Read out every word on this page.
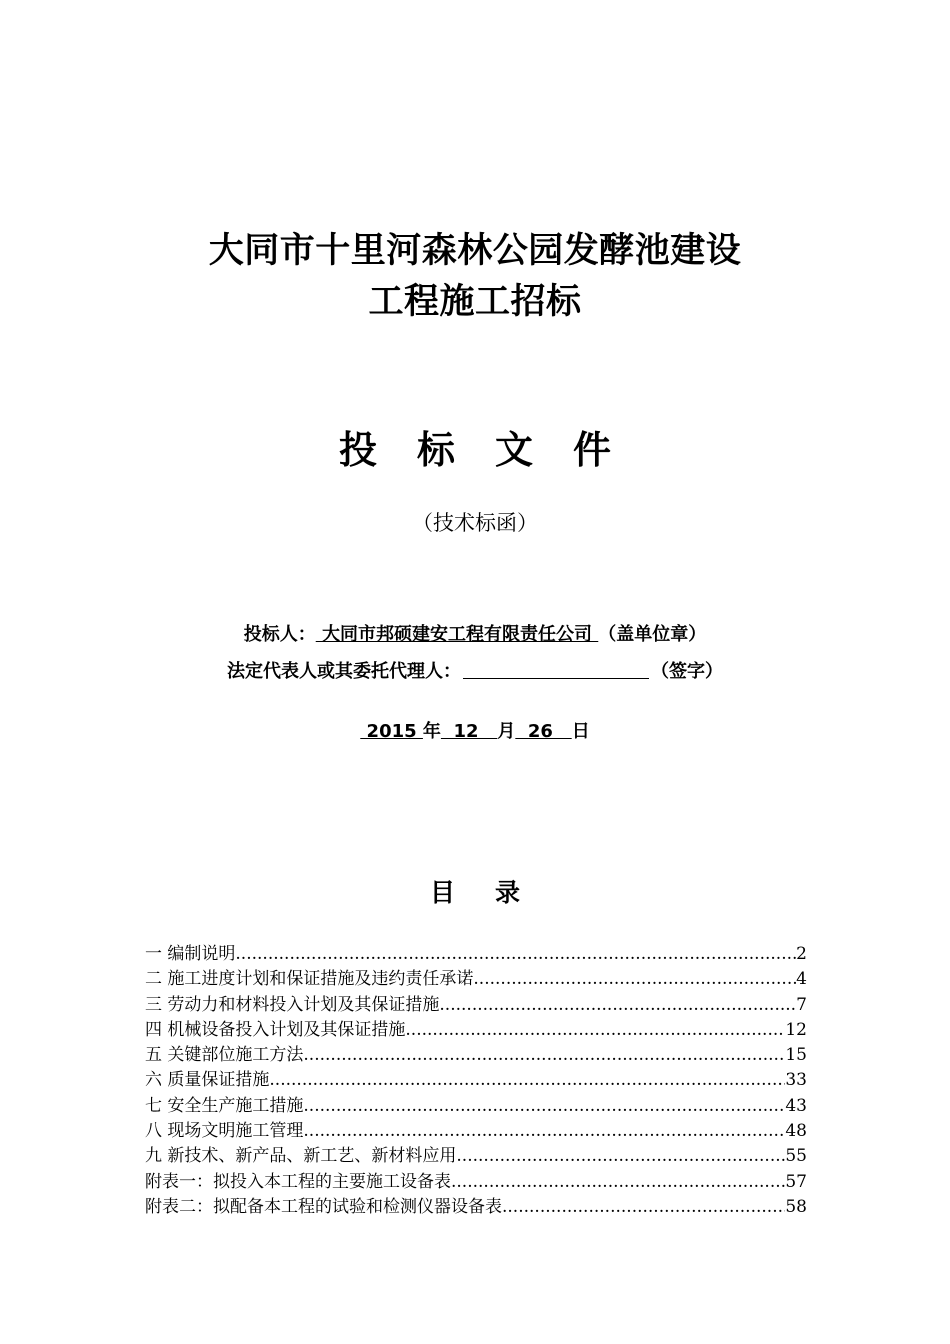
大同市十里河森林公园发酵池建设
工程施工招标
投标文件
（技术标函）
投标人： 大同市邦硕建安工程有限责任公司 （盖单位章）
法定代表人或其委托代理人：	（签字）
2015 年  12   月  26   日
目录
一 编制说明 .....	2
二 施工进度计划和保证措施及违约责任承诺 .....	4
三 劳动力和材料投入计划及其保证措施 .....	7
四 机械设备投入计划及其保证措施 .....	12
五 关键部位施工方法 .....	15
六 质量保证措施 .....	33
七 安全生产施工措施 .....	43
八 现场文明施工管理 .....	48
九 新技术、新产品、新工艺、新材料应用 .....	55
附表一：拟投入本工程的主要施工设备表 .....	57
附表二：拟配备本工程的试验和检测仪器设备表 .....	58
